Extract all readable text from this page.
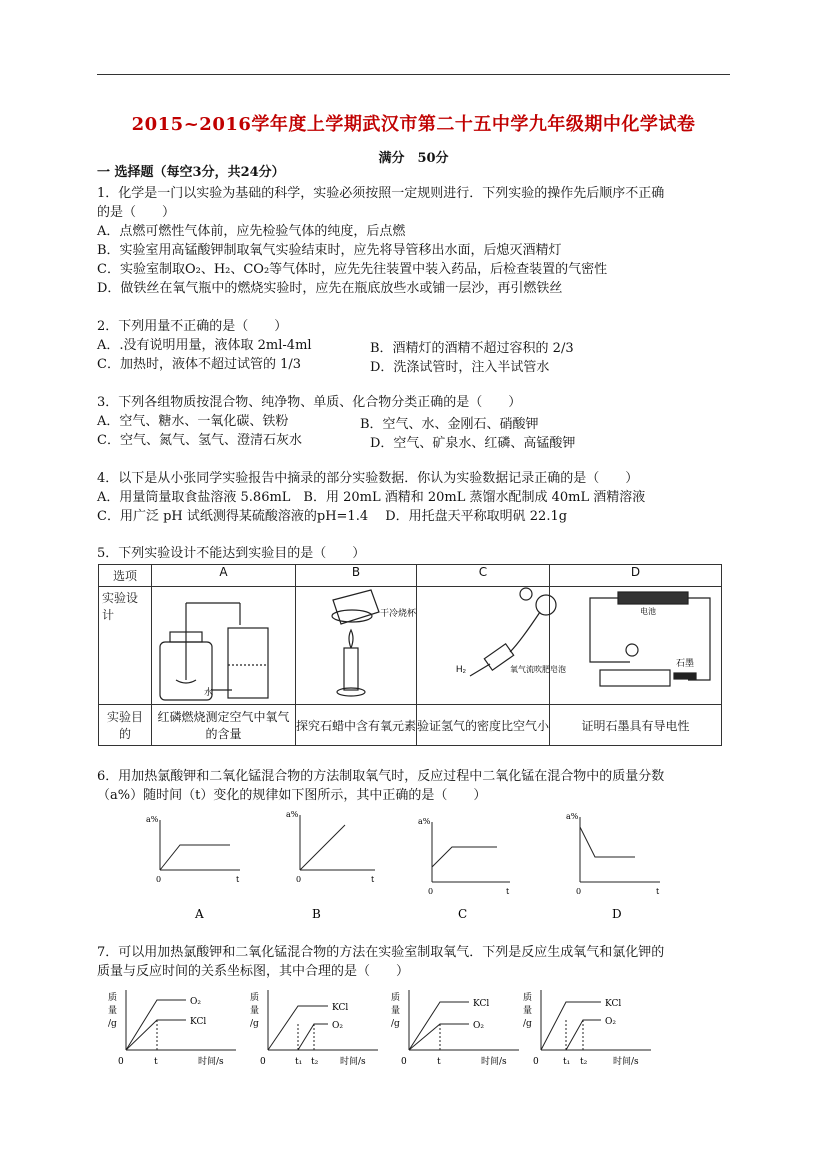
2015~2016学年度上学期武汉市第二十五中学九年级期中化学试卷
满分　50分
一 选择题（每空3分，共24分）
1．化学是一门以实验为基础的科学，实验必须按照一定规则进行．下列实验的操作先后顺序不正确
的是（　　）
A．点燃可燃性气体前，应先检验气体的纯度，后点燃
B．实验室用高锰酸钾制取氧气实验结束时，应先将导管移出水面，后熄灭酒精灯
C．实验室制取O₂、H₂、CO₂等气体时，应先先往装置中装入药品，后检查装置的气密性
D．做铁丝在氧气瓶中的燃烧实验时，应先在瓶底放些水或铺一层沙，再引燃铁丝
2．下列用量不正确的是（　　）
A．.没有说明用量，液体取 2ml-4ml	B．酒精灯的酒精不超过容积的 2/3
C．加热时，液体不超过试管的 1/3	D．洗涤试管时，注入半试管水
3．下列各组物质按混合物、纯净物、单质、化合物分类正确的是（　　）
A．空气、糖水、一氧化碳、铁粉	B．空气、水、金刚石、硝酸钾
C．空气、氮气、氢气、澄清石灰水	D．空气、矿泉水、红磷、高锰酸钾
4．以下是从小张同学实验报告中摘录的部分实验数据．你认为实验数据记录正确的是（　　）
A．用量筒量取食盐溶液 5.86mL　B．用 20mL 酒精和 20mL 蒸馏水配制成 40mL 酒精溶液
C．用广泛 pH 试纸测得某硫酸溶液的pH=1.4　 D．用托盘天平称取明矾 22.1g
5．下列实验设计不能达到实验目的是（　　）
选项	A	B	C	D
实验设计				
实验目的	红磷燃烧测定空气中氧气的含量	探究石蜡中含有氧元素	验证氢气的密度比空气小	证明石墨具有导电性
水
干冷烧杯
H₂	氧气流吹肥皂泡
电池
石墨
6．用加热氯酸钾和二氧化锰混合物的方法制取氧气时，反应过程中二氧化锰在混合物中的质量分数
（a%）随时间（t）变化的规律如下图所示，其中正确的是（　　）
a%
t
0
A
a%
t
0
B
a%
t
0
C
a%
t
0
D
7．可以用加热氯酸钾和二氧化锰混合物的方法在实验室制取氧气．下列是反应生成氧气和氯化钾的
质量与反应时间的关系坐标图，其中合理的是（　　）
t
O₂
KCl
质
量
/g
0	时间/s	t₁ t₂
KCl
O₂
质
量
/g
0	时间/s	t
KCl
O₂
质
量
/g
0	时间/s	t₁ t₂
KCl
O₂
质
量
/g
0	时间/s
